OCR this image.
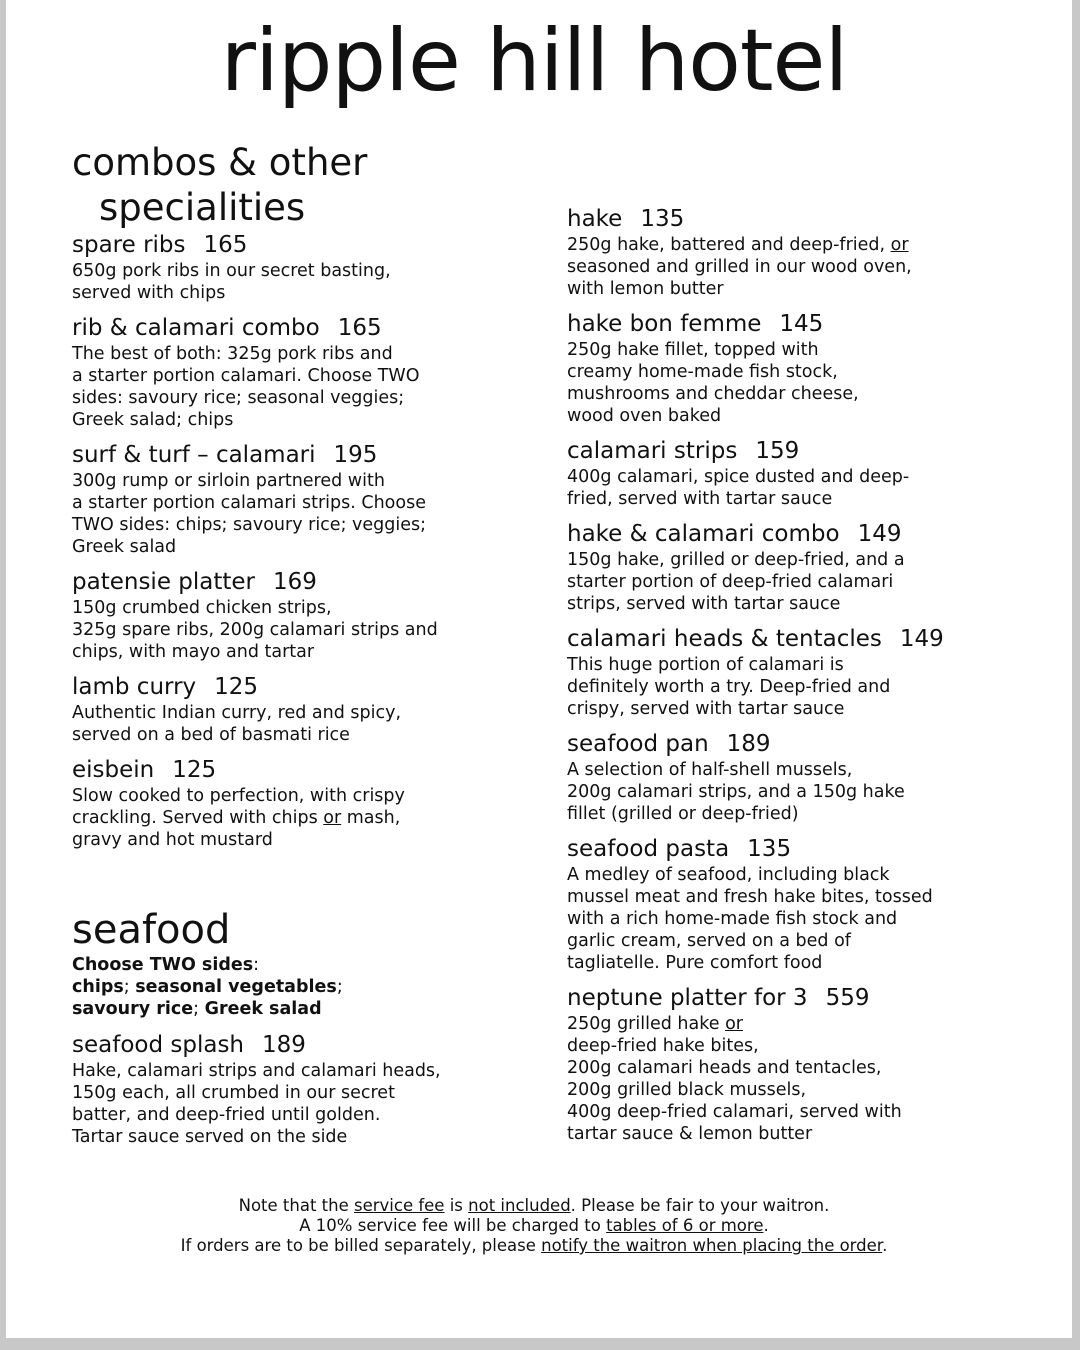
ripple hill hotel
combos & other
specialities
spare ribs 165

650g pork ribs in our secret basting,
served with chips

rib & calamari combo 165

The best of both: 325g pork ribs and
a starter portion calamari. Choose TWO
sides: savoury rice; seasonal veggies;
Greek salad; chips

surf & turf – calamari 195

300g rump or sirloin partnered with
a starter portion calamari strips. Choose
TWO sides: chips; savoury rice; veggies;
Greek salad

patensie platter 169

150g crumbed chicken strips,
325g spare ribs, 200g calamari strips and
chips, with mayo and tartar

lamb curry 125

Authentic Indian curry, red and spicy,
served on a bed of basmati rice

eisbein 125

Slow cooked to perfection, with crispy
crackling. Served with chips or mash,
gravy and hot mustard

seafood
Choose TWO sides:
chips; seasonal vegetables;
savoury rice; Greek salad
seafood splash 189

Hake, calamari strips and calamari heads,
150g each, all crumbed in our secret
batter, and deep-fried until golden.
Tartar sauce served on the side

hake 135

250g hake, battered and deep-fried, or
seasoned and grilled in our wood oven,
with lemon butter

hake bon femme 145

250g hake fillet, topped with
creamy home-made fish stock,
mushrooms and cheddar cheese,
wood oven baked

calamari strips 159

400g calamari, spice dusted and deep-
fried, served with tartar sauce

hake & calamari combo 149

150g hake, grilled or deep-fried, and a
starter portion of deep-fried calamari
strips, served with tartar sauce

calamari heads & tentacles 149

This huge portion of calamari is
definitely worth a try. Deep-fried and
crispy, served with tartar sauce

seafood pan 189

A selection of half-shell mussels,
200g calamari strips, and a 150g hake
fillet (grilled or deep-fried)

seafood pasta 135

A medley of seafood, including black
mussel meat and fresh hake bites, tossed
with a rich home-made fish stock and
garlic cream, served on a bed of
tagliatelle. Pure comfort food

neptune platter for 3 559

250g grilled hake or
deep-fried hake bites,
200g calamari heads and tentacles,
200g grilled black mussels,
400g deep-fried calamari, served with
tartar sauce & lemon butter

Note that the service fee is not included. Please be fair to your waitron.
A 10% service fee will be charged to tables of 6 or more.
If orders are to be billed separately, please notify the waitron when placing the order.
